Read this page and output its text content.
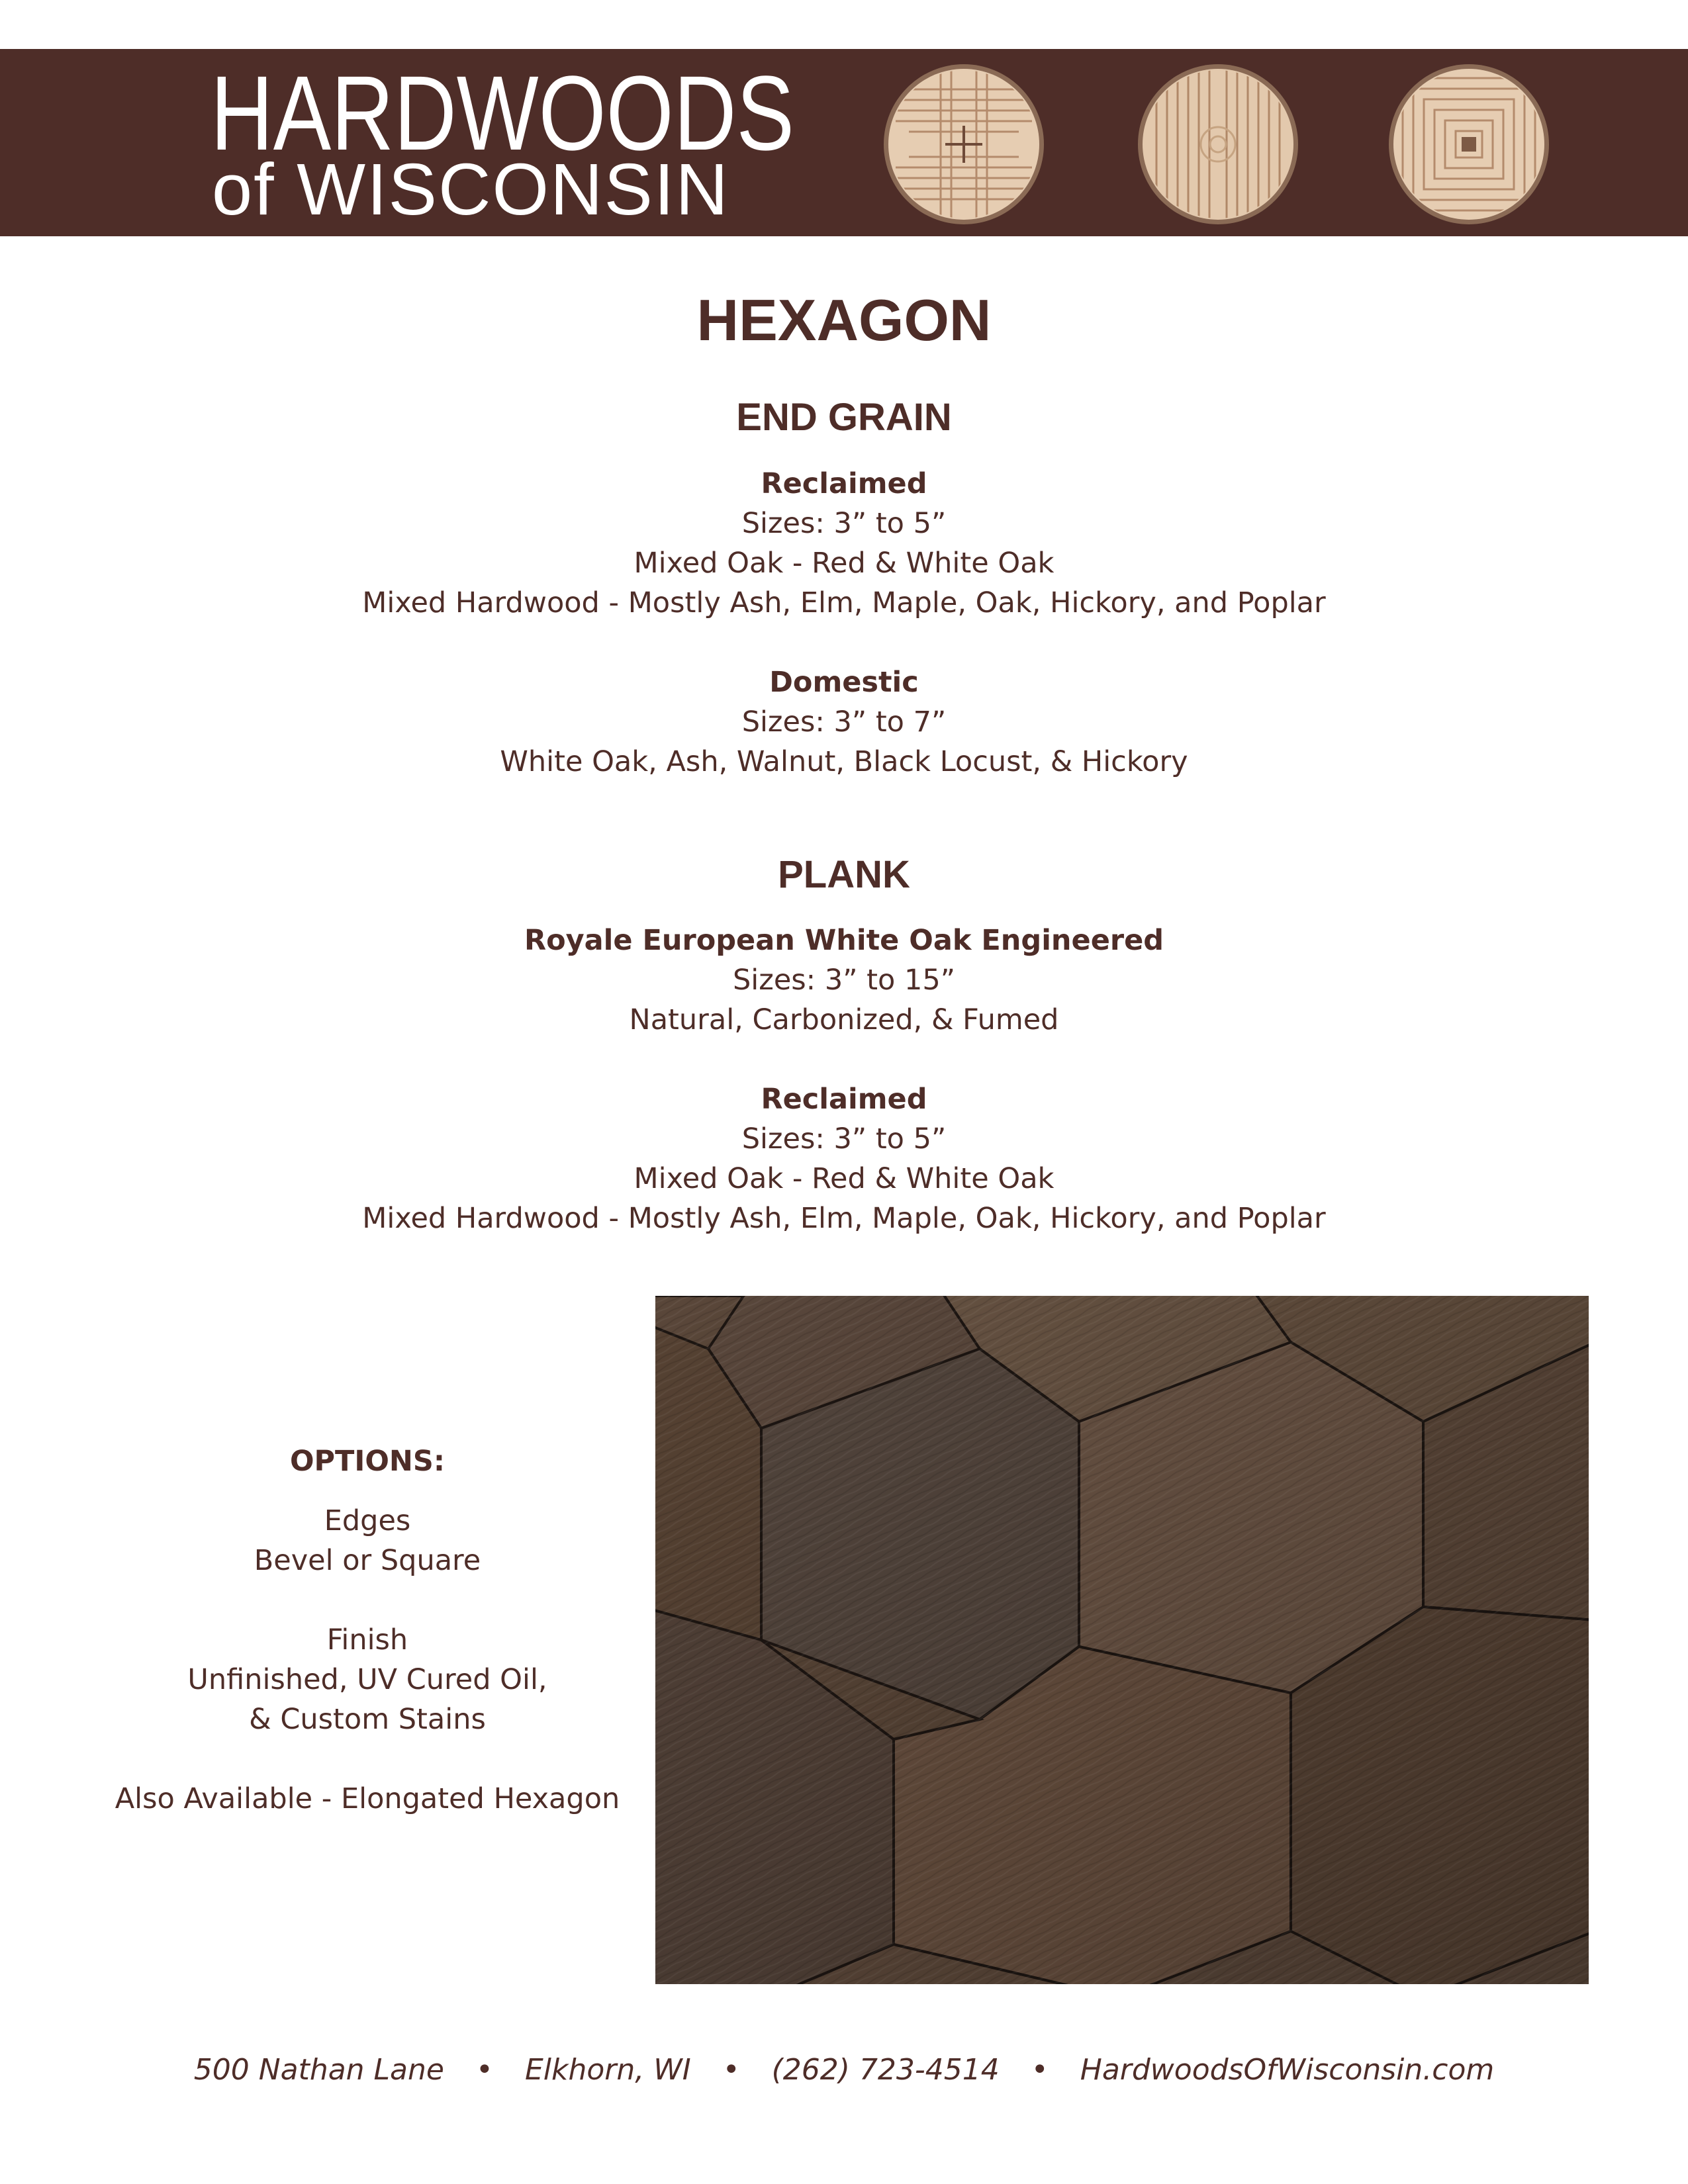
HARDWOODS
of WISCONSIN
HEXAGON
END GRAIN
Reclaimed
Sizes: 3” to 5”
Mixed Oak - Red & White Oak
Mixed Hardwood - Mostly Ash, Elm, Maple, Oak, Hickory, and Poplar
Domestic
Sizes: 3” to 7”
White Oak, Ash, Walnut, Black Locust, & Hickory
PLANK
Royale European White Oak Engineered
Sizes: 3” to 15”
Natural, Carbonized, & Fumed
Reclaimed
Sizes: 3” to 5”
Mixed Oak - Red & White Oak
Mixed Hardwood - Mostly Ash, Elm, Maple, Oak, Hickory, and Poplar
OPTIONS:
Edges
Bevel or Square
Finish
Unfinished, UV Cured Oil,
& Custom Stains
Also Available - Elongated Hexagon
500 Nathan Lane • Elkhorn, WI • (262) 723-4514 • HardwoodsOfWisconsin.com
